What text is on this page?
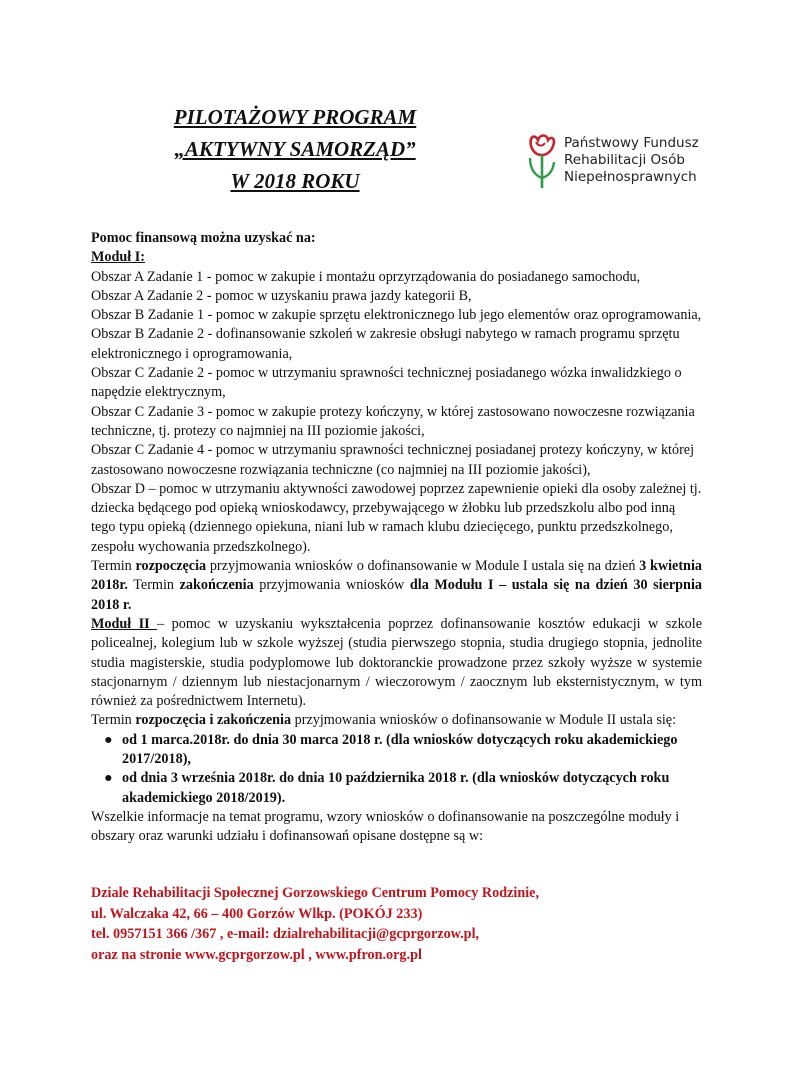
PILOTAŻOWY PROGRAM
„AKTYWNY SAMORZĄD”
W 2018 ROKU
Państwowy Fundusz
Rehabilitacji Osób
Niepełnosprawnych

Pomoc finansową można uzyskać na:

Moduł I:

Obszar A Zadanie 1 - pomoc w zakupie i montażu oprzyrządowania do posiadanego samochodu,

Obszar A Zadanie 2 - pomoc w uzyskaniu prawa jazdy kategorii B,

Obszar B Zadanie 1 - pomoc w zakupie sprzętu elektronicznego lub jego elementów oraz oprogramowania,

Obszar B Zadanie 2 - dofinansowanie szkoleń w zakresie obsługi nabytego w ramach programu sprzętu elektronicznego i oprogramowania,

Obszar C Zadanie 2 - pomoc w utrzymaniu sprawności technicznej posiadanego wózka inwalidzkiego o napędzie elektrycznym,

Obszar C Zadanie 3 - pomoc w zakupie protezy kończyny, w której zastosowano nowoczesne rozwiązania techniczne, tj. protezy co najmniej na III poziomie jakości,

Obszar C Zadanie 4 - pomoc w utrzymaniu sprawności technicznej posiadanej protezy kończyny, w której zastosowano nowoczesne rozwiązania techniczne (co najmniej na III poziomie jakości),

Obszar D – pomoc w utrzymaniu aktywności zawodowej poprzez zapewnienie opieki dla osoby zależnej tj. dziecka będącego pod opieką wnioskodawcy, przebywającego w żłobku lub przedszkolu albo pod inną tego typu opieką (dziennego opiekuna, niani lub w ramach klubu dziecięcego, punktu przedszkolnego, zespołu wychowania przedszkolnego).

Termin rozpoczęcia przyjmowania wniosków o dofinansowanie w Module I ustala się na dzień 3 kwietnia 2018r. Termin zakończenia przyjmowania wniosków dla Modułu I – ustala się na dzień 30 sierpnia 2018 r.

Moduł II – pomoc w uzyskaniu wykształcenia poprzez dofinansowanie kosztów edukacji w szkole policealnej, kolegium lub w szkole wyższej (studia pierwszego stopnia, studia drugiego stopnia, jednolite studia magisterskie, studia podyplomowe lub doktoranckie prowadzone przez szkoły wyższe w systemie stacjonarnym / dziennym lub niestacjonarnym / wieczorowym / zaocznym lub eksternistycznym, w tym również za pośrednictwem Internetu).

Termin rozpoczęcia i zakończenia przyjmowania wniosków o dofinansowanie w Module II ustala się:

● od 1 marca.2018r. do dnia 30 marca 2018 r. (dla wniosków dotyczących roku akademickiego 2017/2018),
● od dnia 3 września 2018r. do dnia 10 października 2018 r. (dla wniosków dotyczących roku akademickiego 2018/2019).

Wszelkie informacje na temat programu, wzory wniosków o dofinansowanie na poszczególne moduły i obszary oraz warunki udziału i dofinansowań opisane dostępne są w:

Dziale Rehabilitacji Społecznej Gorzowskiego Centrum Pomocy Rodzinie,

ul. Walczaka 42, 66 – 400 Gorzów Wlkp. (POKÓJ 233)

tel. 0957151 366 /367 , e-mail: dzialrehabilitacji@gcprgorzow.pl,

oraz na stronie www.gcprgorzow.pl , www.pfron.org.pl
